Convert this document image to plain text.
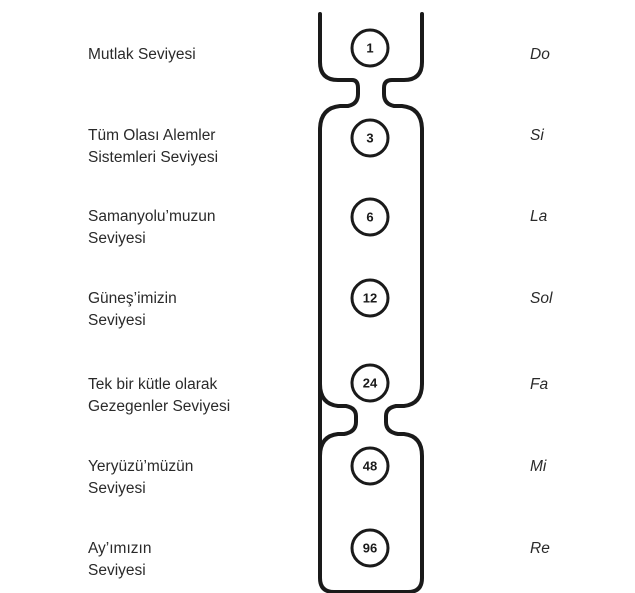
1
3
6
12
24
48
96
Mutlak Seviyesi	Do
Tüm Olası Alemler
Sistemleri Seviyesi
Si
Samanyolu’muzun
Seviyesi
La
Güneş’imizin
Seviyesi
Sol
Tek bir kütle olarak
Gezegenler Seviyesi
Fa
Yeryüzü’müzün
Seviyesi
Mi
Ay’ımızın
Seviyesi
Re
